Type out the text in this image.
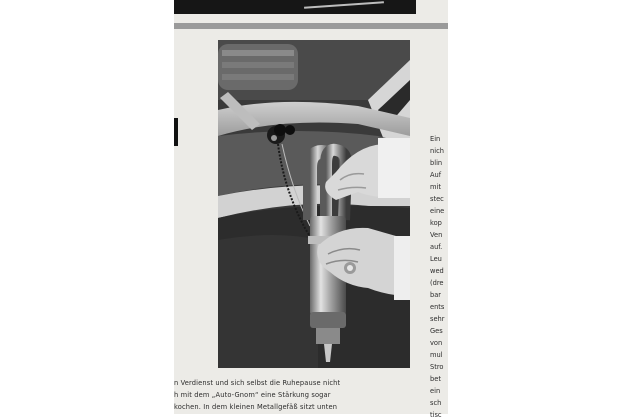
n Verdienst und sich selbst die Ruhepause nicht
h mit dem „Auto-Gnom“ eine Stärkung sogar
kochen. In dem kleinen Metallgefäß sitzt unten
Ein
nich
blin
Auf
mit
stec
eine
kop
Ven
auf.
Leu
wed
(dre
bar
ents
sehr
Ges
von
mul
Stro
bet
ein
sch
tisc
